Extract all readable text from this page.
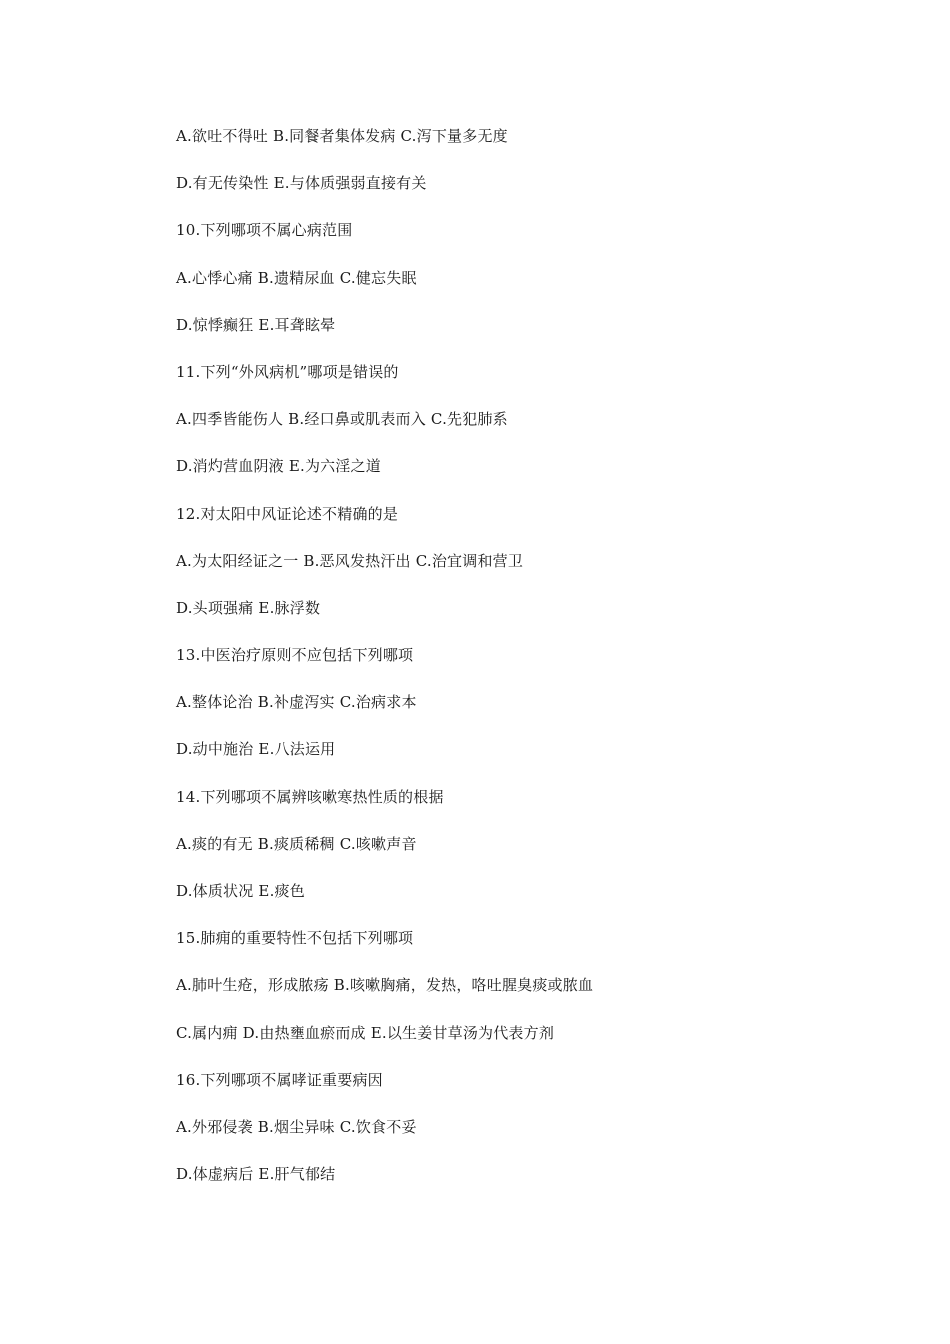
A.欲吐不得吐 B.同餐者集体发病 C.泻下量多无度
D.有无传染性 E.与体质强弱直接有关
10.下列哪项不属心病范围
A.心悸心痛 B.遗精尿血 C.健忘失眠
D.惊悸癫狂 E.耳聋眩晕
11.下列“外风病机”哪项是错误的
A.四季皆能伤人 B.经口鼻或肌表而入 C.先犯肺系
D.消灼营血阴液 E.为六淫之道
12.对太阳中风证论述不精确的是
A.为太阳经证之一 B.恶风发热汗出 C.治宜调和营卫
D.头项强痛 E.脉浮数
13.中医治疗原则不应包括下列哪项
A.整体论治 B.补虚泻实 C.治病求本
D.动中施治 E.八法运用
14.下列哪项不属辨咳嗽寒热性质的根据
A.痰的有无 B.痰质稀稠 C.咳嗽声音
D.体质状况 E.痰色
15.肺痈的重要特性不包括下列哪项
A.肺叶生疮，形成脓疡 B.咳嗽胸痛，发热，咯吐腥臭痰或脓血
C.属内痈 D.由热壅血瘀而成 E.以生姜甘草汤为代表方剂
16.下列哪项不属哮证重要病因
A.外邪侵袭 B.烟尘异味 C.饮食不妥
D.体虚病后 E.肝气郁结
